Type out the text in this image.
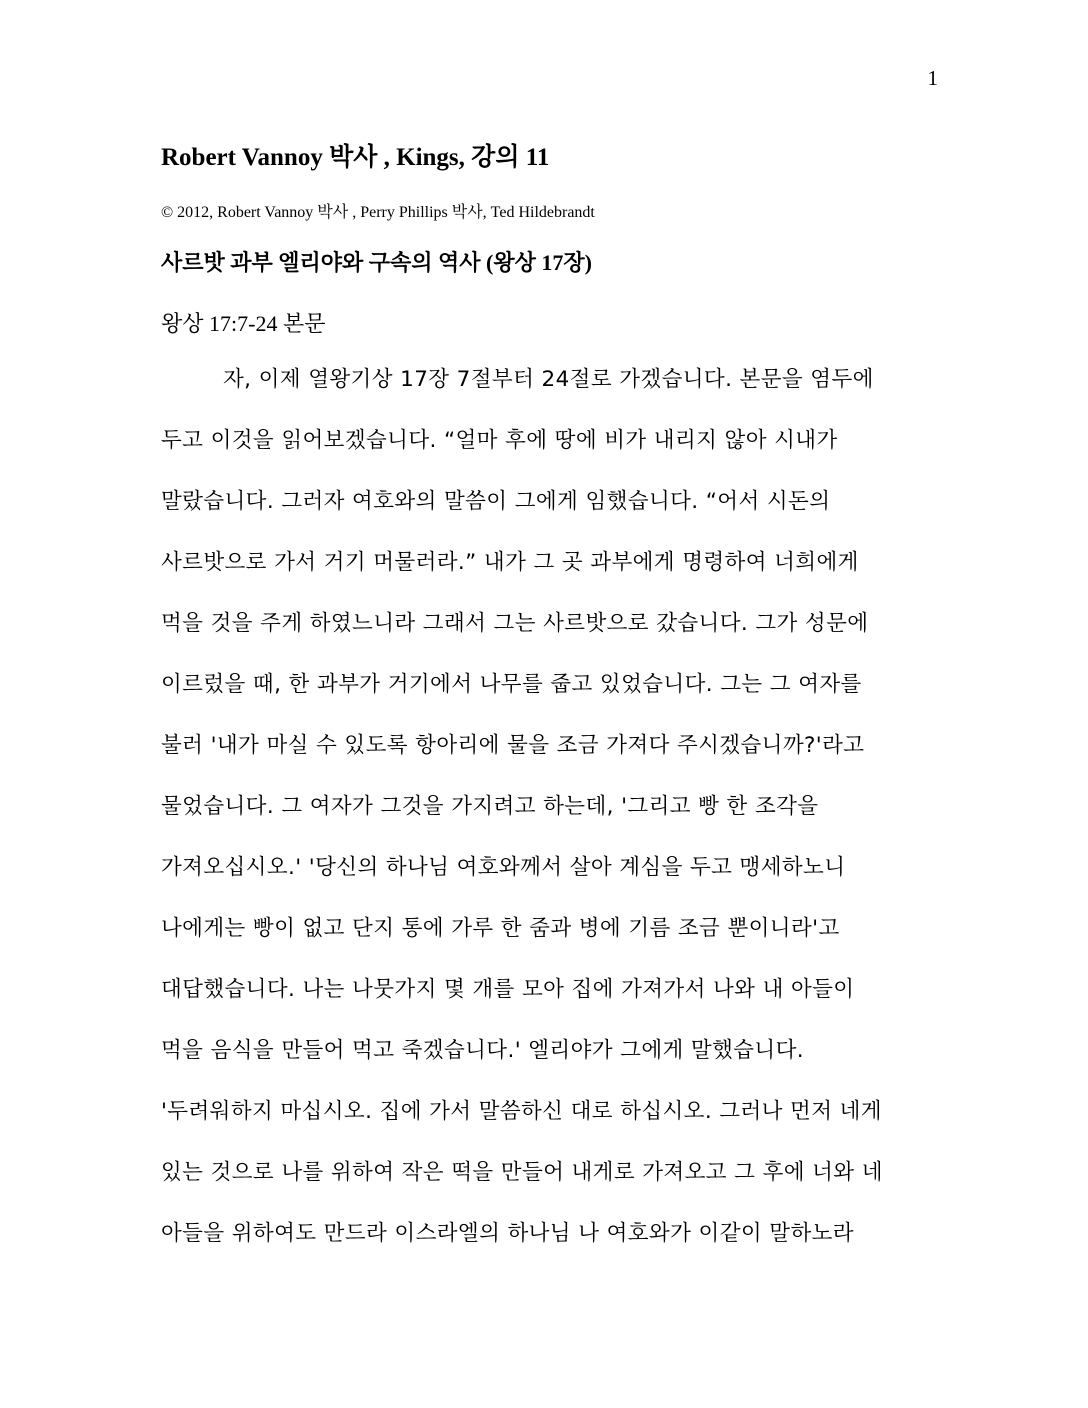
1
Robert Vannoy 박사 , Kings, 강의 11
© 2012, Robert Vannoy 박사 , Perry Phillips 박사, Ted Hildebrandt
사르밧 과부 엘리야와 구속의 역사 (왕상 17장)
왕상 17:7-24 본문
자, 이제 열왕기상 17장 7절부터 24절로 가겠습니다. 본문을 염두에
두고 이것을 읽어보겠습니다. “얼마 후에 땅에 비가 내리지 않아 시내가
말랐습니다. 그러자 여호와의 말씀이 그에게 임했습니다. “어서 시돈의
사르밧으로 가서 거기 머물러라.” 내가 그 곳 과부에게 명령하여 너희에게
먹을 것을 주게 하였느니라 그래서 그는 사르밧으로 갔습니다. 그가 성문에
이르렀을 때, 한 과부가 거기에서 나무를 줍고 있었습니다. 그는 그 여자를
불러 '내가 마실 수 있도록 항아리에 물을 조금 가져다 주시겠습니까?'라고
물었습니다. 그 여자가 그것을 가지려고 하는데, '그리고 빵 한 조각을
가져오십시오.' '당신의 하나님 여호와께서 살아 계심을 두고 맹세하노니
나에게는 빵이 없고 단지 통에 가루 한 줌과 병에 기름 조금 뿐이니라'고
대답했습니다. 나는 나뭇가지 몇 개를 모아 집에 가져가서 나와 내 아들이
먹을 음식을 만들어 먹고 죽겠습니다.' 엘리야가 그에게 말했습니다.
'두려워하지 마십시오. 집에 가서 말씀하신 대로 하십시오. 그러나 먼저 네게
있는 것으로 나를 위하여 작은 떡을 만들어 내게로 가져오고 그 후에 너와 네
아들을 위하여도 만드라 이스라엘의 하나님 나 여호와가 이같이 말하노라
